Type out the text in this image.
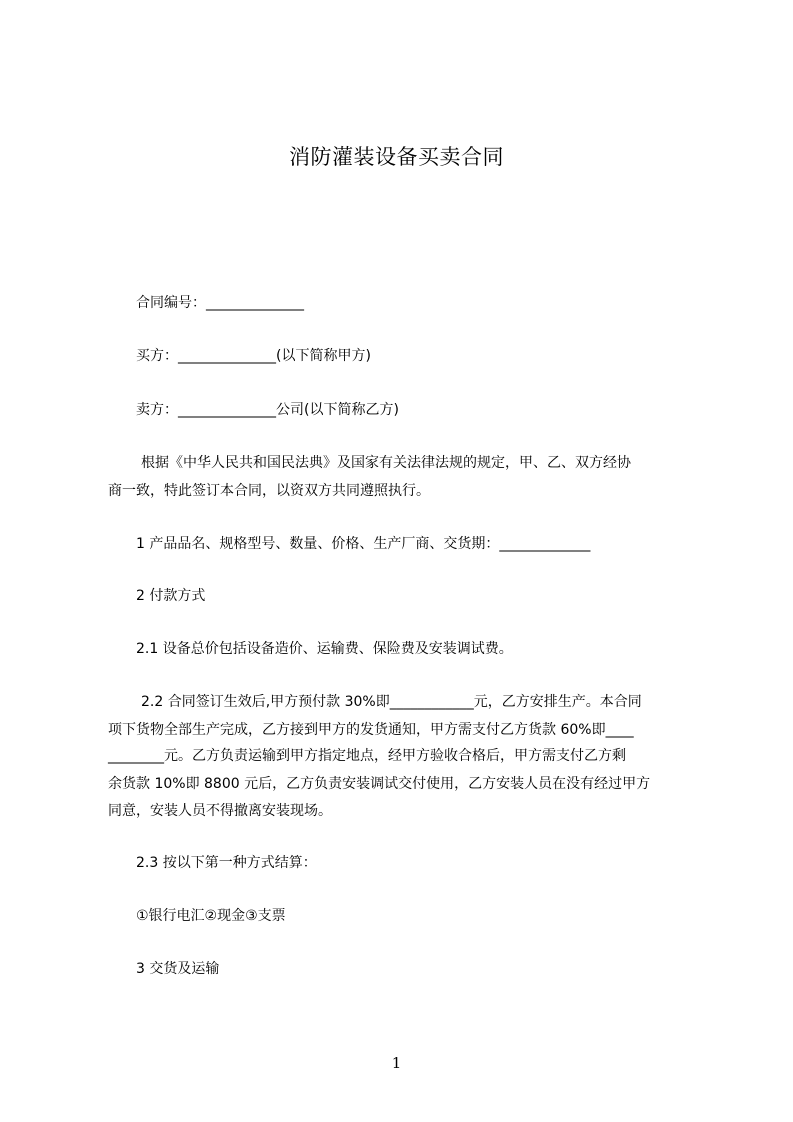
消防灌装设备买卖合同
合同编号：______________
买方：______________(以下简称甲方)
卖方：______________公司(以下简称乙方)
根据《中华人民共和国民法典》及国家有关法律法规的规定，甲、乙、双方经协
商一致，特此签订本合同，以资双方共同遵照执行。
1 产品品名、规格型号、数量、价格、生产厂商、交货期：_____________
2 付款方式
2.1 设备总价包括设备造价、运输费、保险费及安装调试费。
2.2 合同签订生效后,甲方预付款 30%即____________元，乙方安排生产。本合同
项下货物全部生产完成，乙方接到甲方的发货通知，甲方需支付乙方货款 60%即____
________元。乙方负责运输到甲方指定地点，经甲方验收合格后，甲方需支付乙方剩
余货款 10%即 8800 元后，乙方负责安装调试交付使用，乙方安装人员在没有经过甲方
同意，安装人员不得撤离安装现场。
2.3 按以下第一种方式结算：
①银行电汇②现金③支票
3 交货及运输
1
